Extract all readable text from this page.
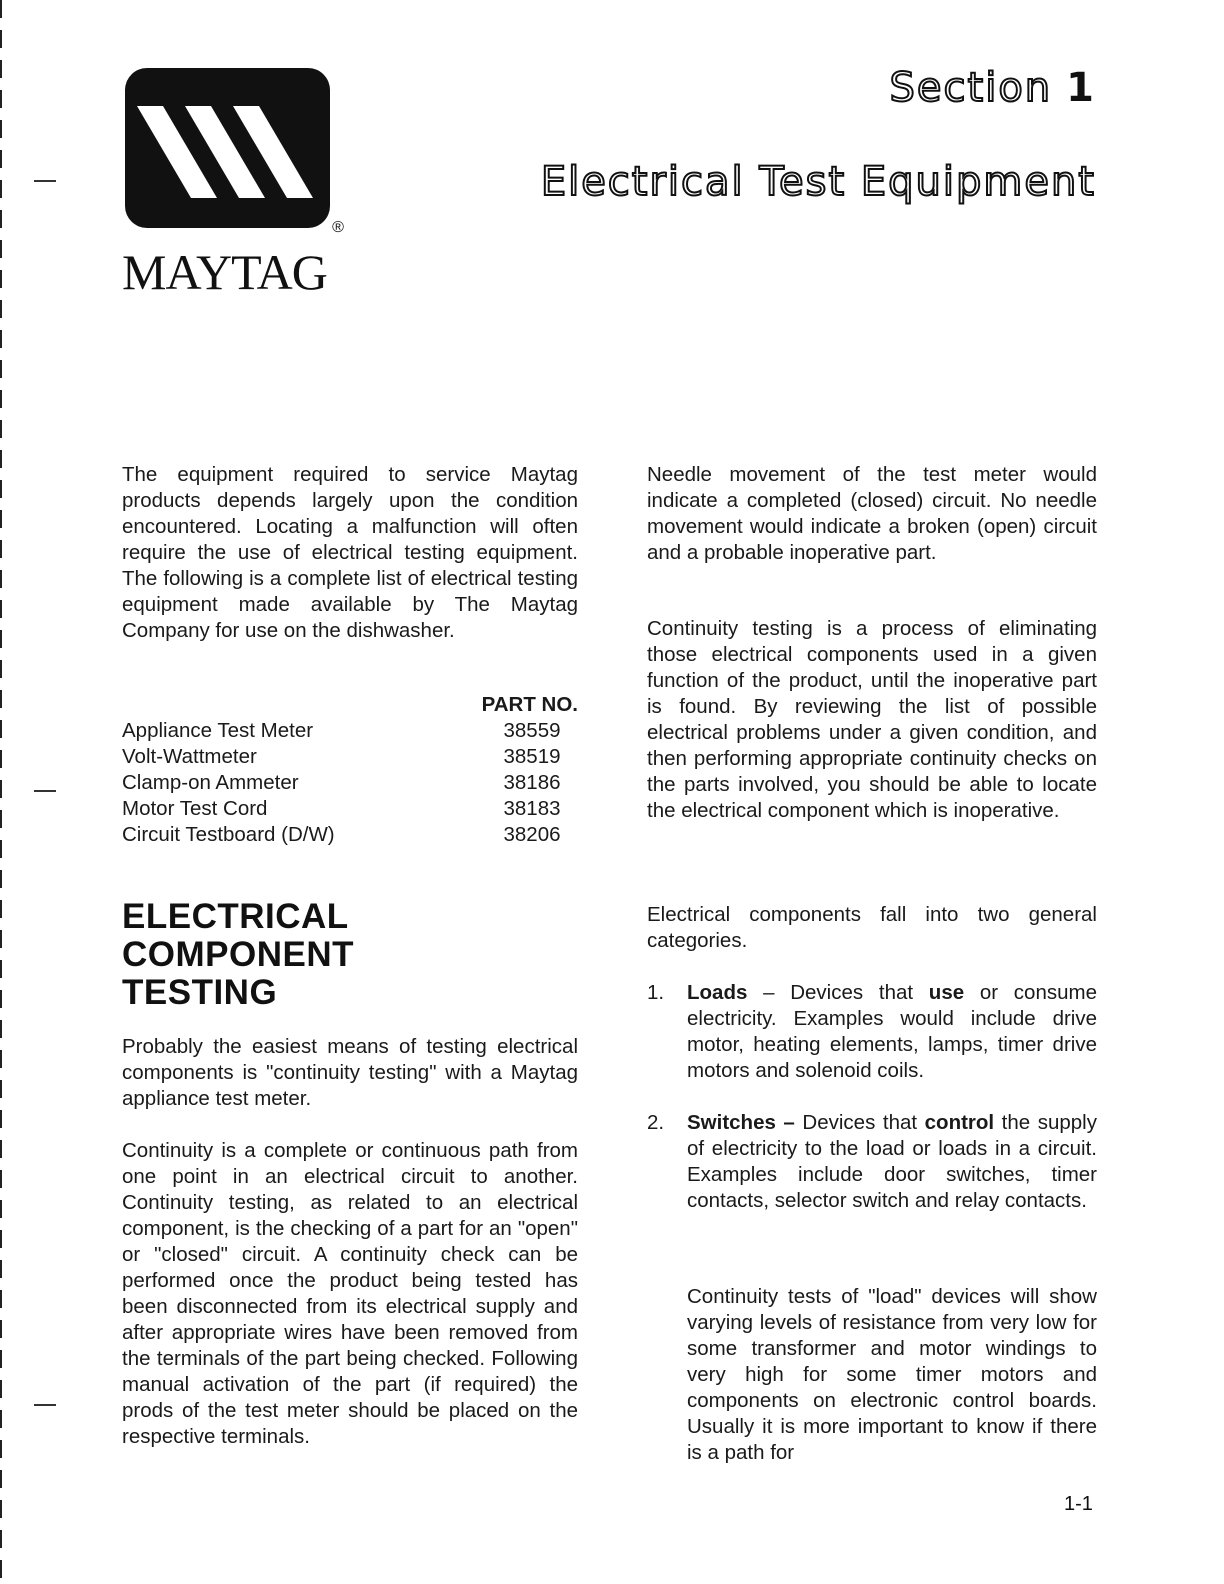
®
MAYTAG
Section 1
Electrical Test Equipment

The equipment required to service Maytag products depends largely upon the condition encountered. Locating a malfunction will often require the use of electrical testing equipment. The following is a complete list of electrical testing equipment made available by The Maytag Company for use on the dishwasher.

PART NO.
Appliance Test Meter	38559
Volt-Wattmeter	38519
Clamp-on Ammeter	38186
Motor Test Cord	38183
Circuit Testboard (D/W)	38206
ELECTRICAL
COMPONENT
TESTING

Probably the easiest means of testing electrical components is "continuity testing" with a Maytag appliance test meter.

Continuity is a complete or continuous path from one point in an electrical circuit to another. Continuity testing, as related to an electrical component, is the checking of a part for an "open" or "closed" circuit. A continuity check can be performed once the product being tested has been disconnected from its electrical supply and after appropriate wires have been removed from the terminals of the part being checked. Following manual activation of the part (if required) the prods of the test meter should be placed on the respective terminals.

Needle movement of the test meter would indicate a completed (closed) circuit. No needle movement would indicate a broken (open) circuit and a probable inoperative part.

Continuity testing is a process of eliminating those electrical components used in a given function of the product, until the inoperative part is found. By reviewing the list of possible electrical problems under a given condition, and then performing appropriate continuity checks on the parts involved, you should be able to locate the electrical component which is inoperative.

Electrical components fall into two general categories.

1.	Loads – Devices that use or consume electricity. Examples would include drive motor, heating elements, lamps, timer drive motors and solenoid coils.
2.	Switches – Devices that control the supply of electricity to the load or loads in a circuit. Examples include door switches, timer contacts, selector switch and relay contacts.

Continuity tests of "load" devices will show varying levels of resistance from very low for some transformer and motor windings to very high for some timer motors and components on electronic control boards. Usually it is more important to know if there is a path for

1-1
